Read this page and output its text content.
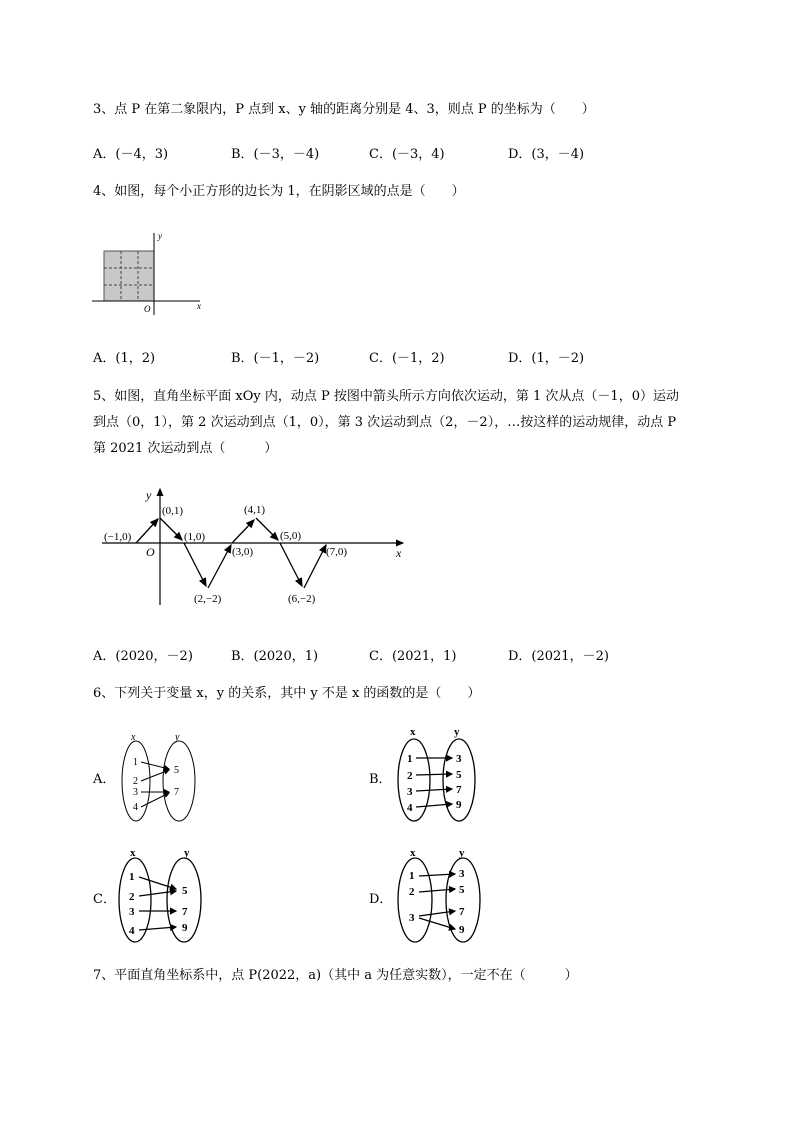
3、点 P 在第二象限内，P 点到 x、y 轴的距离分别是 4、3，则点 P 的坐标为（　　）
A．(－4，3)	B．(－3，－4)	C．(－3，4)	D．(3，－4)
4、如图，每个小正方形的边长为 1，在阴影区域的点是（　　）
y
x
O
A．(1，2)	B．(－1，－2)	C．(－1，2)	D．(1，－2)
5、如图，直角坐标平面 xOy 内，动点 P 按图中箭头所示方向依次运动，第 1 次从点（－1，0）运动
到点（0，1），第 2 次运动到点（1，0），第 3 次运动到点（2，－2），…按这样的运动规律，动点 P
第 2021 次运动到点（　　　）
y
x
O
(−1,0)
(0,1)
(1,0)
(2,−2)
(3,0)
(4,1)
(5,0)
(6,−2)
(7,0)
A．(2020，－2)	B．(2020，1)	C．(2021，1)	D．(2021，－2)
6、下列关于变量 x，y 的关系，其中 y 不是 x 的函数的是（　　）
A．
x	y
1
2
3
4
5
7
B．
x	y
1
2
3
4
3
5
7
9
C．
x	y
1
2
3
4
5
7
9
D．
x	y
1
2
3
3
5
7
9
7、平面直角坐标系中，点 P(2022，a)（其中 a 为任意实数），一定不在（　　　）
